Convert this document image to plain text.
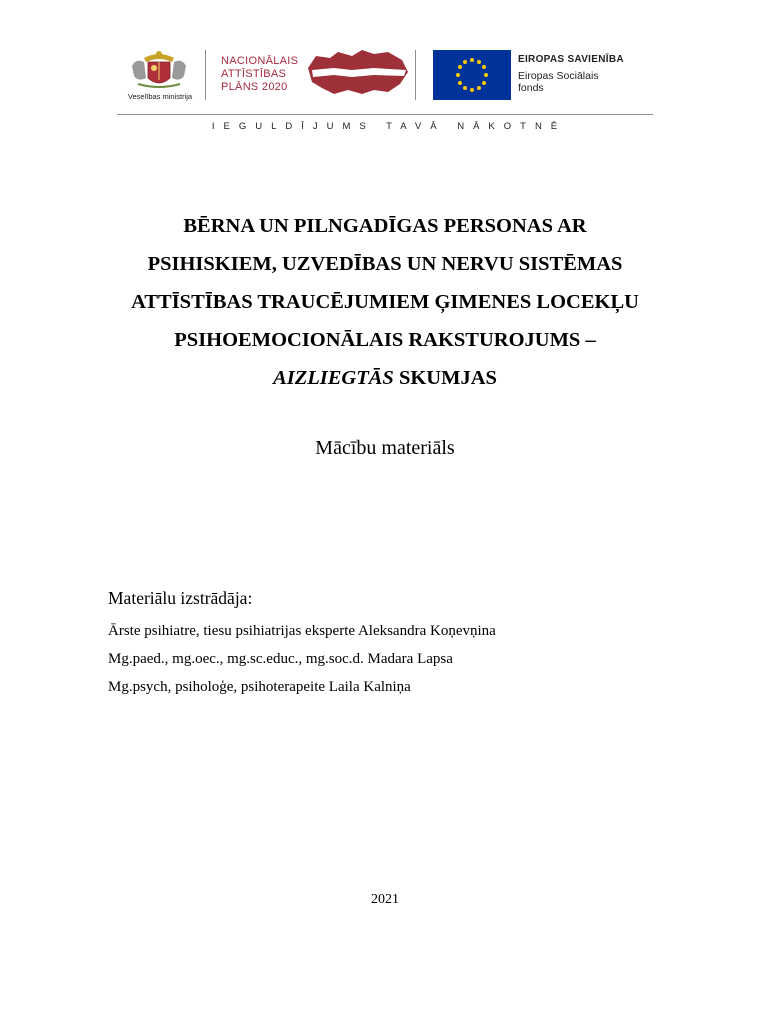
Veselības ministrija
NACIONĀLAIS
ATTĪSTĪBAS
PLĀNS 2020
EIROPAS SAVIENĪBA
Eiropas Sociālais
fonds
IEGULDĪJUMS TAVĀ NĀKOTNĒ
BĒRNA UN PILNGADĪGAS PERSONAS AR
PSIHISKIEM, UZVEDĪBAS UN NERVU SISTĒMAS
ATTĪSTĪBAS TRAUCĒJUMIEM ĢIMENES LOCEKĻU
PSIHOEMOCIONĀLAIS RAKSTUROJUMS –
AIZLIEGTĀS SKUMJAS
Mācību materiāls
Materiālu izstrādāja:
Ārste psihiatre, tiesu psihiatrijas eksperte Aleksandra Koņevņina
Mg.paed., mg.oec., mg.sc.educ., mg.soc.d. Madara Lapsa
Mg.psych, psiholoģe, psihoterapeite Laila Kalniņa
2021
